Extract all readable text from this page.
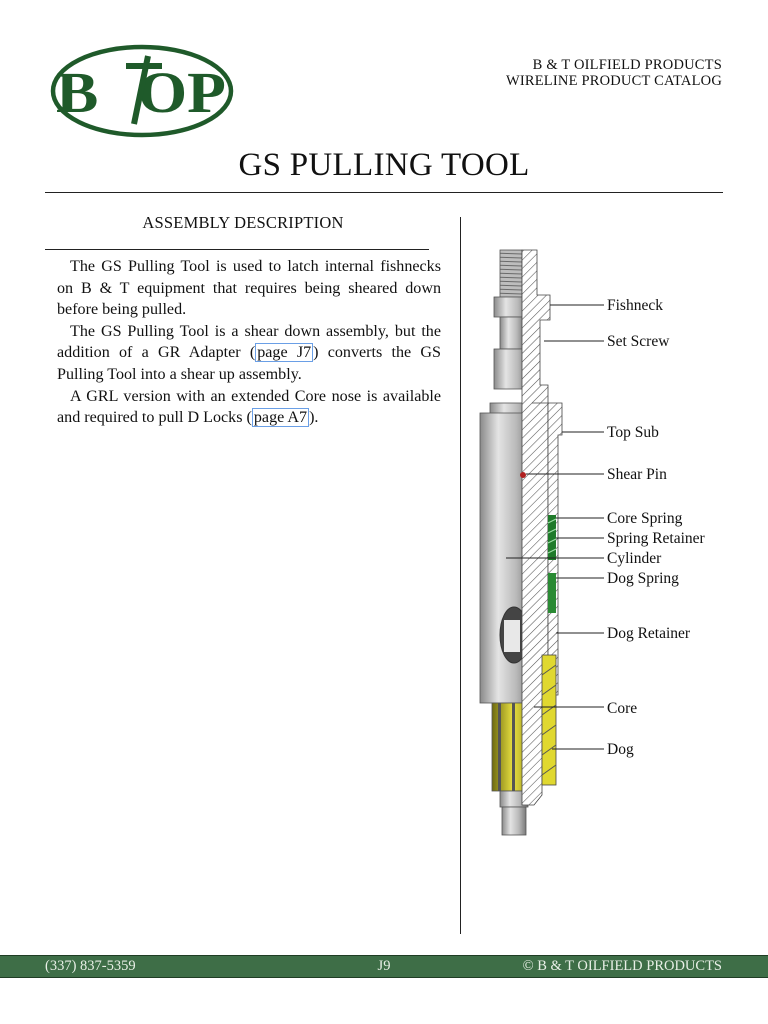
B OP	B & T OILFIELD PRODUCTS
WIRELINE PRODUCT CATALOG
GS PULLING TOOL
ASSEMBLY DESCRIPTION

The GS Pulling Tool is used to latch internal fishnecks on B & T equipment that requires being sheared down before being pulled.

The GS Pulling Tool is a shear down assembly, but the addition of a GR Adapter ( page J7 ) converts the GS Pulling Tool into a shear up assembly.

A GRL version with an extended Core nose is available and required to pull D Locks ( page A7 ).

Fishneck
Set Screw
Top Sub
Shear Pin
Core Spring
Spring Retainer
Cylinder
Dog Spring
Dog Retainer
Core
Dog
(337) 837-5359	J9	© B & T OILFIELD PRODUCTS
